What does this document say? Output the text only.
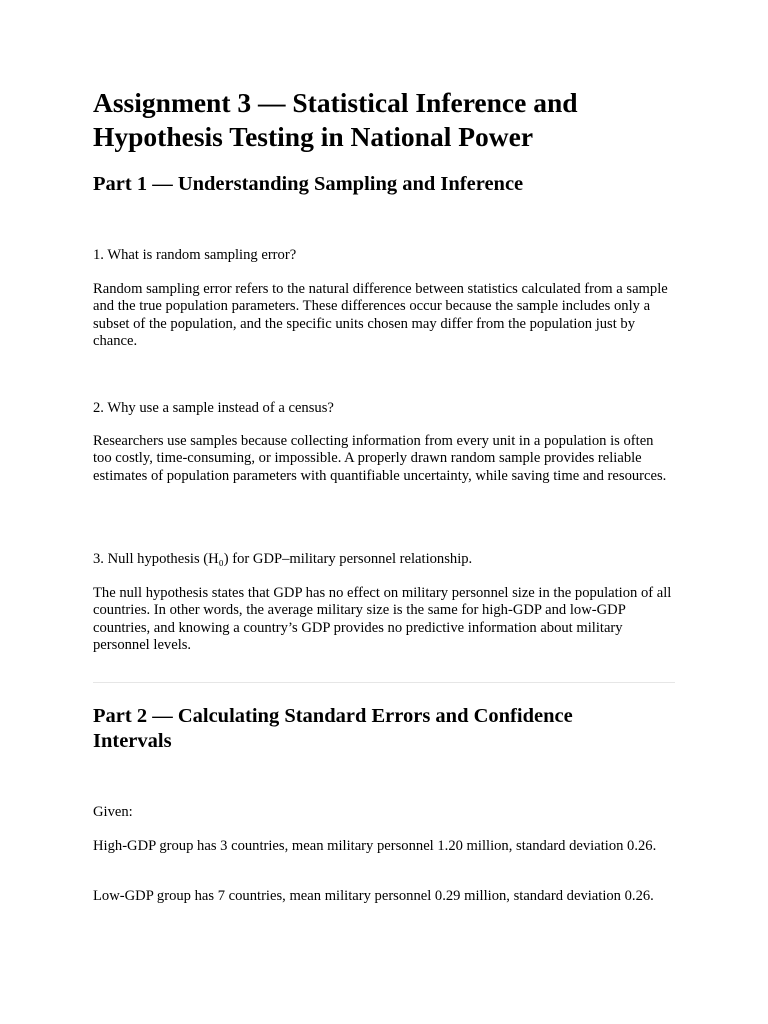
Assignment 3 — Statistical Inference and Hypothesis Testing in National Power
Part 1 — Understanding Sampling and Inference

1. What is random sampling error?

Random sampling error refers to the natural difference between statistics calculated from a sample and the true population parameters. These differences occur because the sample includes only a subset of the population, and the specific units chosen may differ from the population just by chance.

2. Why use a sample instead of a census?

Researchers use samples because collecting information from every unit in a population is often too costly, time-consuming, or impossible. A properly drawn random sample provides reliable estimates of population parameters with quantifiable uncertainty, while saving time and resources.

3. Null hypothesis (H₀) for GDP–military personnel relationship.

The null hypothesis states that GDP has no effect on military personnel size in the population of all countries. In other words, the average military size is the same for high-GDP and low-GDP countries, and knowing a country’s GDP provides no predictive information about military personnel levels.

Part 2 — Calculating Standard Errors and Confidence Intervals

Given:

High-GDP group has 3 countries, mean military personnel 1.20 million, standard deviation 0.26.

Low-GDP group has 7 countries, mean military personnel 0.29 million, standard deviation 0.26.
